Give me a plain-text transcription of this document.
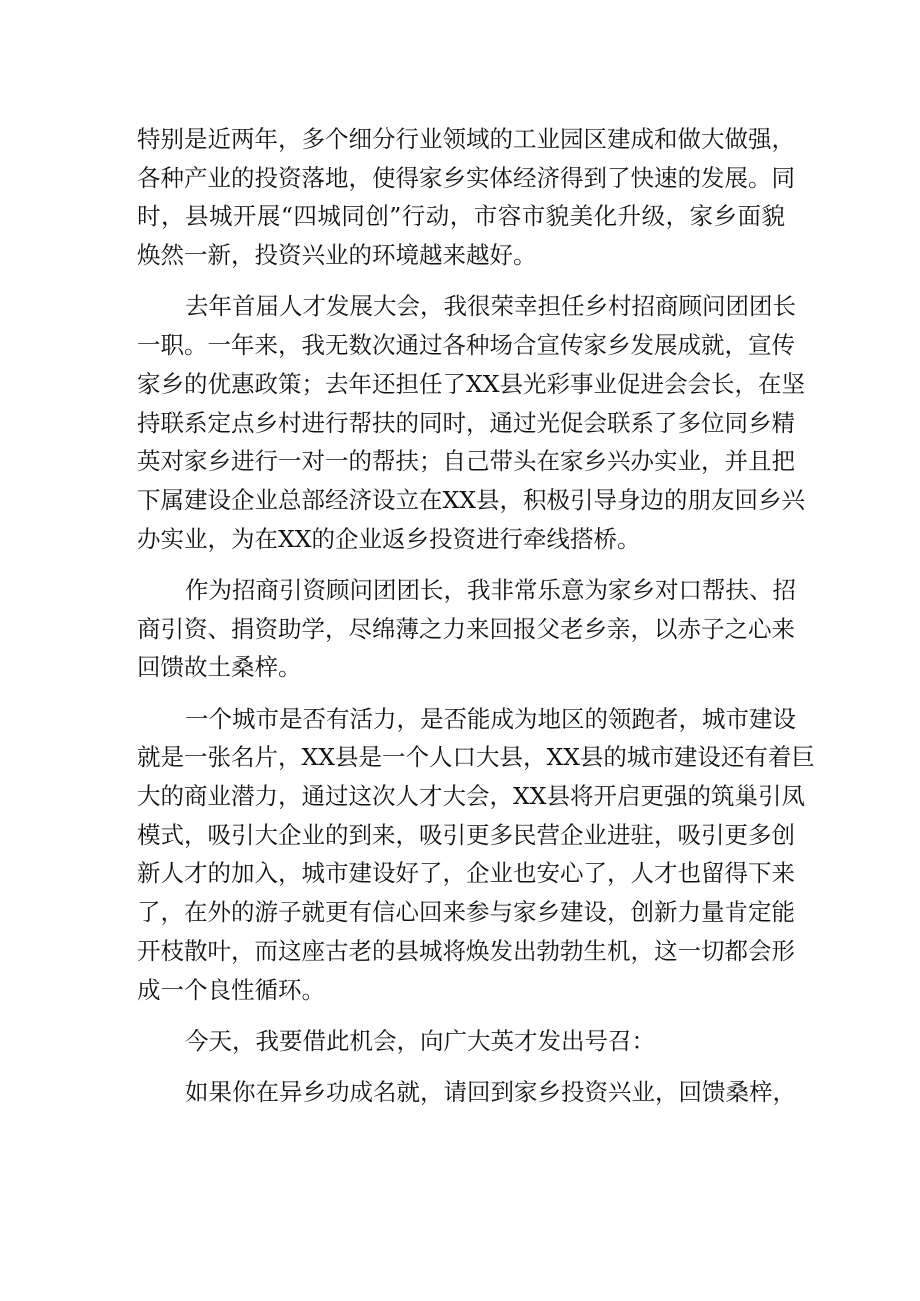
特别是近两年，多个细分行业领域的工业园区建成和做大做强，
各种产业的投资落地，使得家乡实体经济得到了快速的发展。同
时，县城开展“四城同创”行动，市容市貌美化升级，家乡面貌
焕然一新，投资兴业的环境越来越好。
去年首届人才发展大会，我很荣幸担任乡村招商顾问团团长
一职。一年来，我无数次通过各种场合宣传家乡发展成就，宣传
家乡的优惠政策；去年还担任了XX县光彩事业促进会会长，在坚
持联系定点乡村进行帮扶的同时，通过光促会联系了多位同乡精
英对家乡进行一对一的帮扶；自己带头在家乡兴办实业，并且把
下属建设企业总部经济设立在XX县，积极引导身边的朋友回乡兴
办实业，为在XX的企业返乡投资进行牵线搭桥。
作为招商引资顾问团团长，我非常乐意为家乡对口帮扶、招
商引资、捐资助学，尽绵薄之力来回报父老乡亲，以赤子之心来
回馈故土桑梓。
一个城市是否有活力，是否能成为地区的领跑者，城市建设
就是一张名片，XX县是一个人口大县，XX县的城市建设还有着巨
大的商业潜力，通过这次人才大会，XX县将开启更强的筑巢引凤
模式，吸引大企业的到来，吸引更多民营企业进驻，吸引更多创
新人才的加入，城市建设好了，企业也安心了，人才也留得下来
了，在外的游子就更有信心回来参与家乡建设，创新力量肯定能
开枝散叶，而这座古老的县城将焕发出勃勃生机，这一切都会形
成一个良性循环。
今天，我要借此机会，向广大英才发出号召：
如果你在异乡功成名就，请回到家乡投资兴业，回馈桑梓，
